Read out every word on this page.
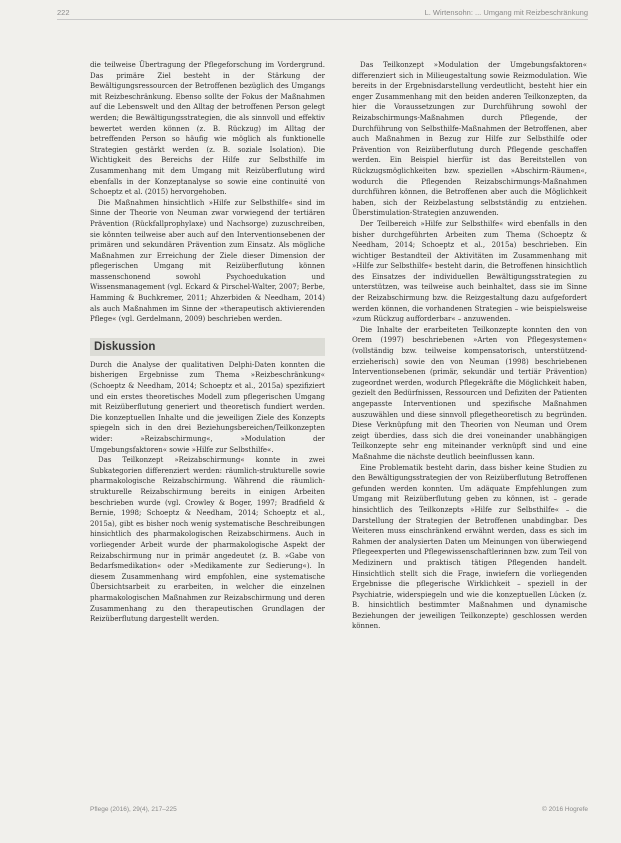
222	L. Wirtensohn: ... Umgang mit Reizbeschränkung

die teilweise Übertragung der Pflegeforschung im Vordergrund. Das primäre Ziel besteht in der Stärkung der Bewältigungsressourcen der Betroffenen bezüglich des Umgangs mit Reizbeschränkung. Ebenso sollte der Fokus der Maßnahmen auf die Lebenswelt und den Alltag der betroffenen Person gelegt werden; die Bewältigungsstrategien, die als sinnvoll und effektiv bewertet werden können (z. B. Rückzug) im Alltag der betreffenden Person so häufig wie möglich als funktionelle Strategien gestärkt werden (z. B. soziale Isolation). Die Wichtigkeit des Bereichs der Hilfe zur Selbsthilfe im Zusammenhang mit dem Umgang mit Reizüberflutung wird ebenfalls in der Konzeptanalyse so sowie eine continuité von Schoeptz et al. (2015) hervorgehoben.

Die Maßnahmen hinsichtlich »Hilfe zur Selbsthilfe« sind im Sinne der Theorie von Neuman zwar vorwiegend der tertiären Prävention (Rückfallprophylaxe) und Nachsorge) zuzuschreiben, sie könnten teilweise aber auch auf den Interventionsebenen der primären und sekundären Prävention zum Einsatz. Als mögliche Maßnahmen zur Erreichung der Ziele dieser Dimension der pflegerischen Umgang mit Reizüberflutung können massenschonend sowohl Psychoedukation und Wissensmanagement (vgl. Eckard & Pirschel-Walter, 2007; Berbe, Hamming & Buchkremer, 2011; Ahzerbiden & Needham, 2014) als auch Maßnahmen im Sinne der »therapeutisch aktivierenden Pflege« (vgl. Gerdelmann, 2009) beschrieben werden.

Diskussion

Durch die Analyse der qualitativen Delphi-Daten konnten die bisherigen Ergebnisse zum Thema »Reizbeschränkung« (Schoeptz & Needham, 2014; Schoeptz et al., 2015a) spezifiziert und ein erstes theoretisches Modell zum pflegerischen Umgang mit Reizüberflutung generiert und theoretisch fundiert werden. Die konzeptuellen Inhalte und die jeweiligen Ziele des Konzepts spiegeln sich in den drei Beziehungsbereichen/Teilkonzepten wider: »Reizabschirmung«, »Modulation der Umgebungsfaktoren« sowie »Hilfe zur Selbsthilfe«.

Das Teilkonzept »Reizabschirmung« konnte in zwei Subkategorien differenziert werden: räumlich-strukturelle sowie pharmakologische Reizabschirmung. Während die räumlich-strukturelle Reizabschirmung bereits in einigen Arbeiten beschrieben wurde (vgl. Crowley & Boger, 1997; Bradfield & Bernie, 1998; Schoeptz & Needham, 2014; Schoeptz et al., 2015a), gibt es bisher noch wenig systematische Beschreibungen hinsichtlich des pharmakologischen Reizabschirmens. Auch in vorliegender Arbeit wurde der pharmakologische Aspekt der Reizabschirmung nur in primär angedeutet (z. B. »Gabe von Bedarfsmedikation« oder »Medikamente zur Sedierung«). In diesem Zusammenhang wird empfohlen, eine systematische Übersichtsarbeit zu erarbeiten, in welcher die einzelnen pharmakologischen Maßnahmen zur Reizabschirmung und deren Zusammenhang zu den therapeutischen Grundlagen der Reizüberflutung dargestellt werden.

Das Teilkonzept »Modulation der Umgebungsfaktoren« differenziert sich in Milieugestaltung sowie Reizmodulation. Wie bereits in der Ergebnisdarstellung verdeutlicht, besteht hier ein enger Zusammenhang mit den beiden anderen Teilkonzepten, da hier die Voraussetzungen zur Durchführung sowohl der Reizabschirmungs-Maßnahmen durch Pflegende, der Durchführung von Selbsthilfe-Maßnahmen der Betroffenen, aber auch Maßnahmen in Bezug zur Hilfe zur Selbsthilfe oder Prävention von Reizüberflutung durch Pflegende geschaffen werden. Ein Beispiel hierfür ist das Bereitstellen von Rückzugsmöglichkeiten bzw. speziellen »Abschirm-Räumen«, wodurch die Pflegenden Reizabschirmungs-Maßnahmen durchführen können, die Betroffenen aber auch die Möglichkeit haben, sich der Reizbelastung selbstständig zu entziehen. Überstimulation-Strategien anzuwenden.

Der Teilbereich »Hilfe zur Selbsthilfe« wird ebenfalls in den bisher durchgeführten Arbeiten zum Thema (Schoeptz & Needham, 2014; Schoeptz et al., 2015a) beschrieben. Ein wichtiger Bestandteil der Aktivitäten im Zusammenhang mit »Hilfe zur Selbsthilfe« besteht darin, die Betroffenen hinsichtlich des Einsatzes der individuellen Bewältigungsstrategien zu unterstützen, was teilweise auch beinhaltet, dass sie im Sinne der Reizabschirmung bzw. die Reizgestaltung dazu aufgefordert werden können, die vorhandenen Strategien – wie beispielsweise »zum Rückzug aufforderbar« – anzuwenden.

Die Inhalte der erarbeiteten Teilkonzepte konnten den von Orem (1997) beschriebenen »Arten von Pflegesystemen« (vollständig bzw. teilweise kompensatorisch, unterstützend-erzieherisch) sowie den von Neuman (1998) beschriebenen Interventionsebenen (primär, sekundär und tertiär Prävention) zugeordnet werden, wodurch Pflegekräfte die Möglichkeit haben, gezielt den Bedürfnissen, Ressourcen und Defiziten der Patienten angepasste Interventionen und spezifische Maßnahmen auszuwählen und diese sinnvoll pflegetheoretisch zu begründen. Diese Verknüpfung mit den Theorien von Neuman und Orem zeigt überdies, dass sich die drei voneinander unabhängigen Teilkonzepte sehr eng miteinander verknüpft sind und eine Maßnahme die nächste deutlich beeinflussen kann.

Eine Problematik besteht darin, dass bisher keine Studien zu den Bewältigungsstrategien der von Reizüberflutung Betroffenen gefunden werden konnten. Um adäquate Empfehlungen zum Umgang mit Reizüberflutung geben zu können, ist – gerade hinsichtlich des Teilkonzepts »Hilfe zur Selbsthilfe« – die Darstellung der Strategien der Betroffenen unabdingbar. Des Weiteren muss einschränkend erwähnt werden, dass es sich im Rahmen der analysierten Daten um Meinungen von überwiegend Pflegeexperten und Pflegewissenschaftlerinnen bzw. zum Teil von Medizinern und praktisch tätigen Pflegenden handelt. Hinsichtlich stellt sich die Frage, inwiefern die vorliegenden Ergebnisse die pflegerische Wirklichkeit – speziell in der Psychiatrie, widerspiegeln und wie die konzeptuellen Lücken (z. B. hinsichtlich bestimmter Maßnahmen und dynamische Beziehungen der jeweiligen Teilkonzepte) geschlossen werden können.

Pflege (2016), 29(4), 217–225	© 2016 Hogrefe
